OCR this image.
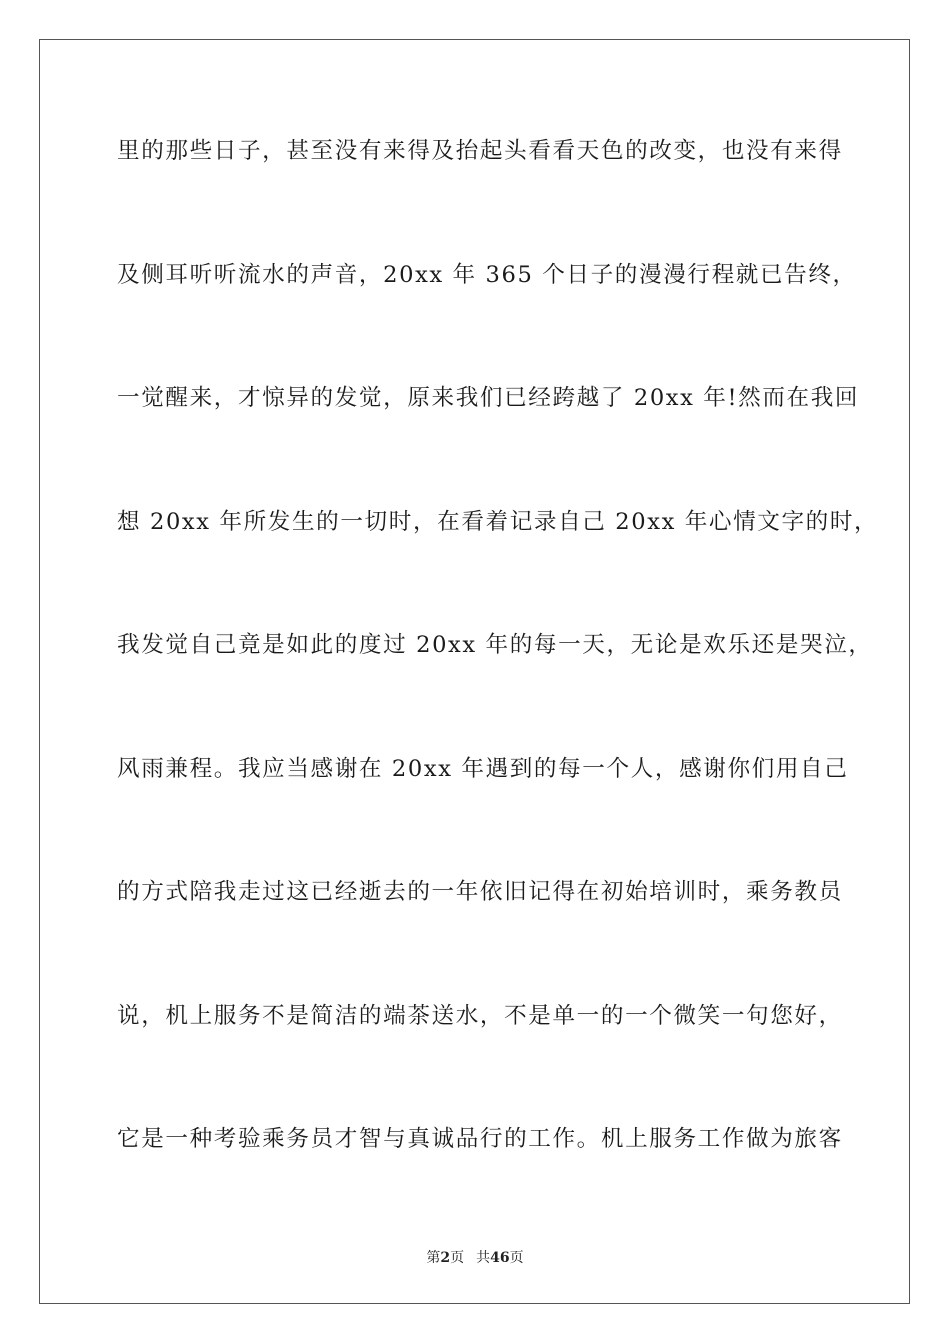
里的那些日子，甚至没有来得及抬起头看看天色的改变，也没有来得
及侧耳听听流水的声音，20xx 年 365 个日子的漫漫行程就已告终，
一觉醒来，才惊异的发觉，原来我们已经跨越了 20xx 年!然而在我回
想 20xx 年所发生的一切时，在看着记录自己 20xx 年心情文字的时，
我发觉自己竟是如此的度过 20xx 年的每一天，无论是欢乐还是哭泣，
风雨兼程。我应当感谢在 20xx 年遇到的每一个人，感谢你们用自己
的方式陪我走过这已经逝去的一年依旧记得在初始培训时，乘务教员
说，机上服务不是简洁的端茶送水，不是单一的一个微笑一句您好，
它是一种考验乘务员才智与真诚品行的工作。机上服务工作做为旅客
第2页 共46页
